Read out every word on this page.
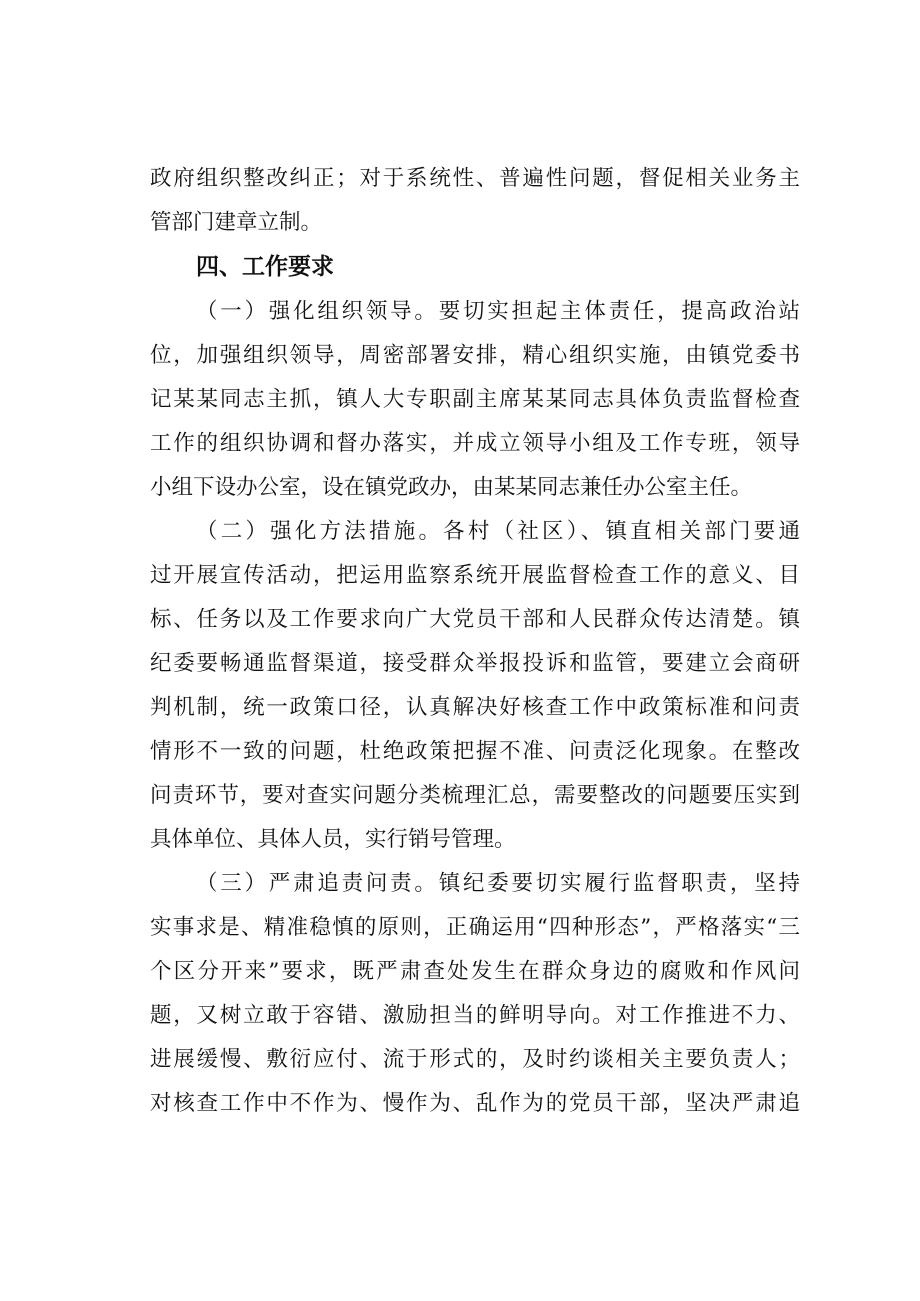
政府组织整改纠正；对于系统性、普遍性问题，督促相关业务主
管部门建章立制。
四、工作要求
（一）强化组织领导。要切实担起主体责任，提高政治站
位，加强组织领导，周密部署安排，精心组织实施，由镇党委书
记某某同志主抓，镇人大专职副主席某某同志具体负责监督检查
工作的组织协调和督办落实，并成立领导小组及工作专班，领导
小组下设办公室，设在镇党政办，由某某同志兼任办公室主任。
（二）强化方法措施。各村（社区）、镇直相关部门要通
过开展宣传活动，把运用监察系统开展监督检查工作的意义、目
标、任务以及工作要求向广大党员干部和人民群众传达清楚。镇
纪委要畅通监督渠道，接受群众举报投诉和监管，要建立会商研
判机制，统一政策口径，认真解决好核查工作中政策标准和问责
情形不一致的问题，杜绝政策把握不准、问责泛化现象。在整改
问责环节，要对查实问题分类梳理汇总，需要整改的问题要压实到
具体单位、具体人员，实行销号管理。
（三）严肃追责问责。镇纪委要切实履行监督职责，坚持
实事求是、精准稳慎的原则，正确运用“四种形态”，严格落实“三
个区分开来”要求，既严肃查处发生在群众身边的腐败和作风问
题，又树立敢于容错、激励担当的鲜明导向。对工作推进不力、
进展缓慢、敷衍应付、流于形式的，及时约谈相关主要负责人；
对核查工作中不作为、慢作为、乱作为的党员干部，坚决严肃追
